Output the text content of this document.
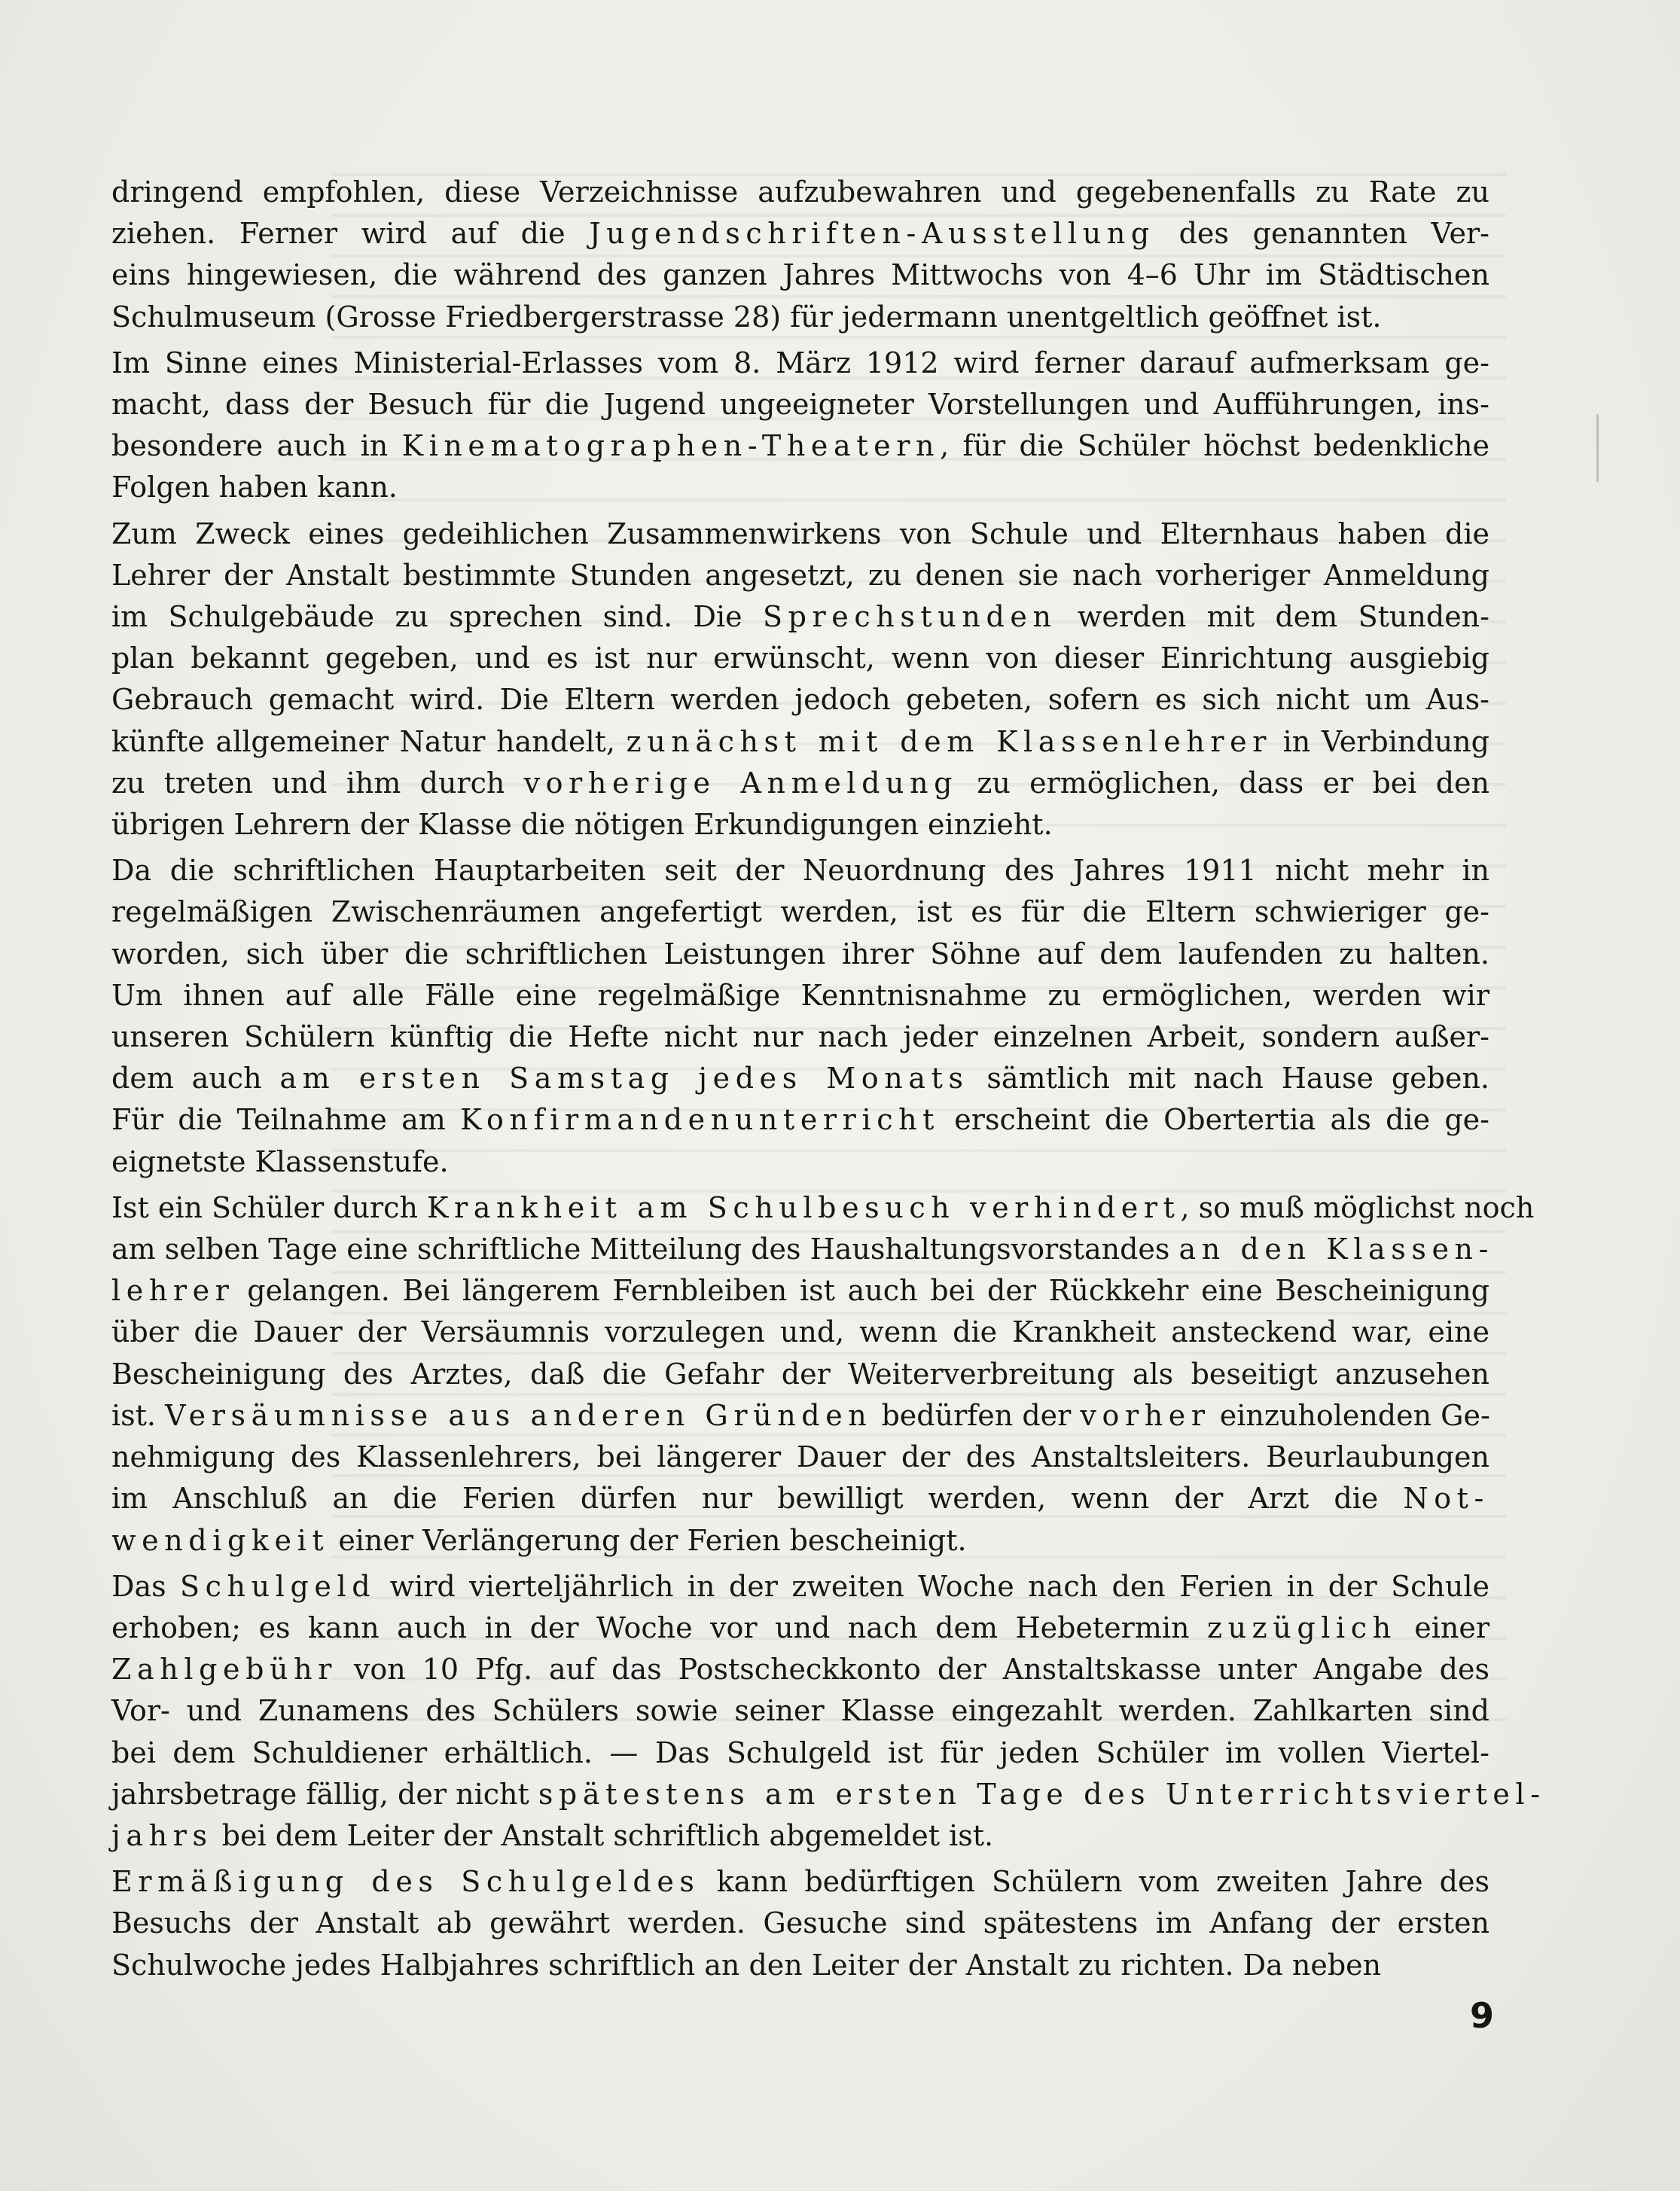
dringend empfohlen, diese Verzeichnisse aufzubewahren und gegebenenfalls zu Rate zu
ziehen. Ferner wird auf die Jugendschriften-Ausstellung des genannten Ver-
eins hingewiesen, die während des ganzen Jahres Mittwochs von 4–6 Uhr im Städtischen
Schulmuseum (Grosse Friedbergerstrasse 28) für jedermann unentgeltlich geöffnet ist.
Im Sinne eines Ministerial-Erlasses vom 8. März 1912 wird ferner darauf aufmerksam ge-
macht, dass der Besuch für die Jugend ungeeigneter Vorstellungen und Aufführungen, ins-
besondere auch in Kinematographen-Theatern, für die Schüler höchst bedenkliche
Folgen haben kann.
Zum Zweck eines gedeihlichen Zusammenwirkens von Schule und Elternhaus haben die
Lehrer der Anstalt bestimmte Stunden angesetzt, zu denen sie nach vorheriger Anmeldung
im Schulgebäude zu sprechen sind. Die Sprechstunden werden mit dem Stunden-
plan bekannt gegeben, und es ist nur erwünscht, wenn von dieser Einrichtung ausgiebig
Gebrauch gemacht wird. Die Eltern werden jedoch gebeten, sofern es sich nicht um Aus-
künfte allgemeiner Natur handelt, zunächst mit dem Klassenlehrer in Verbindung
zu treten und ihm durch vorherige Anmeldung zu ermöglichen, dass er bei den
übrigen Lehrern der Klasse die nötigen Erkundigungen einzieht.
Da die schriftlichen Hauptarbeiten seit der Neuordnung des Jahres 1911 nicht mehr in
regelmäßigen Zwischenräumen angefertigt werden, ist es für die Eltern schwieriger ge-
worden, sich über die schriftlichen Leistungen ihrer Söhne auf dem laufenden zu halten.
Um ihnen auf alle Fälle eine regelmäßige Kenntnisnahme zu ermöglichen, werden wir
unseren Schülern künftig die Hefte nicht nur nach jeder einzelnen Arbeit, sondern außer-
dem auch am ersten Samstag jedes Monats sämtlich mit nach Hause geben.
Für die Teilnahme am Konfirmandenunterricht erscheint die Obertertia als die ge-
eignetste Klassenstufe.
Ist ein Schüler durch Krankheit am Schulbesuch verhindert, so muß möglichst noch
am selben Tage eine schriftliche Mitteilung des Haushaltungsvorstandes an den Klassen-
lehrer gelangen. Bei längerem Fernbleiben ist auch bei der Rückkehr eine Bescheinigung
über die Dauer der Versäumnis vorzulegen und, wenn die Krankheit ansteckend war, eine
Bescheinigung des Arztes, daß die Gefahr der Weiterverbreitung als beseitigt anzusehen
ist. Versäumnisse aus anderen Gründen bedürfen der vorher einzuholenden Ge-
nehmigung des Klassenlehrers, bei längerer Dauer der des Anstaltsleiters. Beurlaubungen
im Anschluß an die Ferien dürfen nur bewilligt werden, wenn der Arzt die Not-
wendigkeit einer Verlängerung der Ferien bescheinigt.
Das Schulgeld wird vierteljährlich in der zweiten Woche nach den Ferien in der Schule
erhoben; es kann auch in der Woche vor und nach dem Hebetermin zuzüglich einer
Zahlgebühr von 10 Pfg. auf das Postscheckkonto der Anstaltskasse unter Angabe des
Vor- und Zunamens des Schülers sowie seiner Klasse eingezahlt werden. Zahlkarten sind
bei dem Schuldiener erhältlich. — Das Schulgeld ist für jeden Schüler im vollen Viertel-
jahrsbetrage fällig, der nicht spätestens am ersten Tage des Unterrichtsviertel-
jahrs bei dem Leiter der Anstalt schriftlich abgemeldet ist.
Ermäßigung des Schulgeldes kann bedürftigen Schülern vom zweiten Jahre des
Besuchs der Anstalt ab gewährt werden. Gesuche sind spätestens im Anfang der ersten
Schulwoche jedes Halbjahres schriftlich an den Leiter der Anstalt zu richten. Da neben
9
